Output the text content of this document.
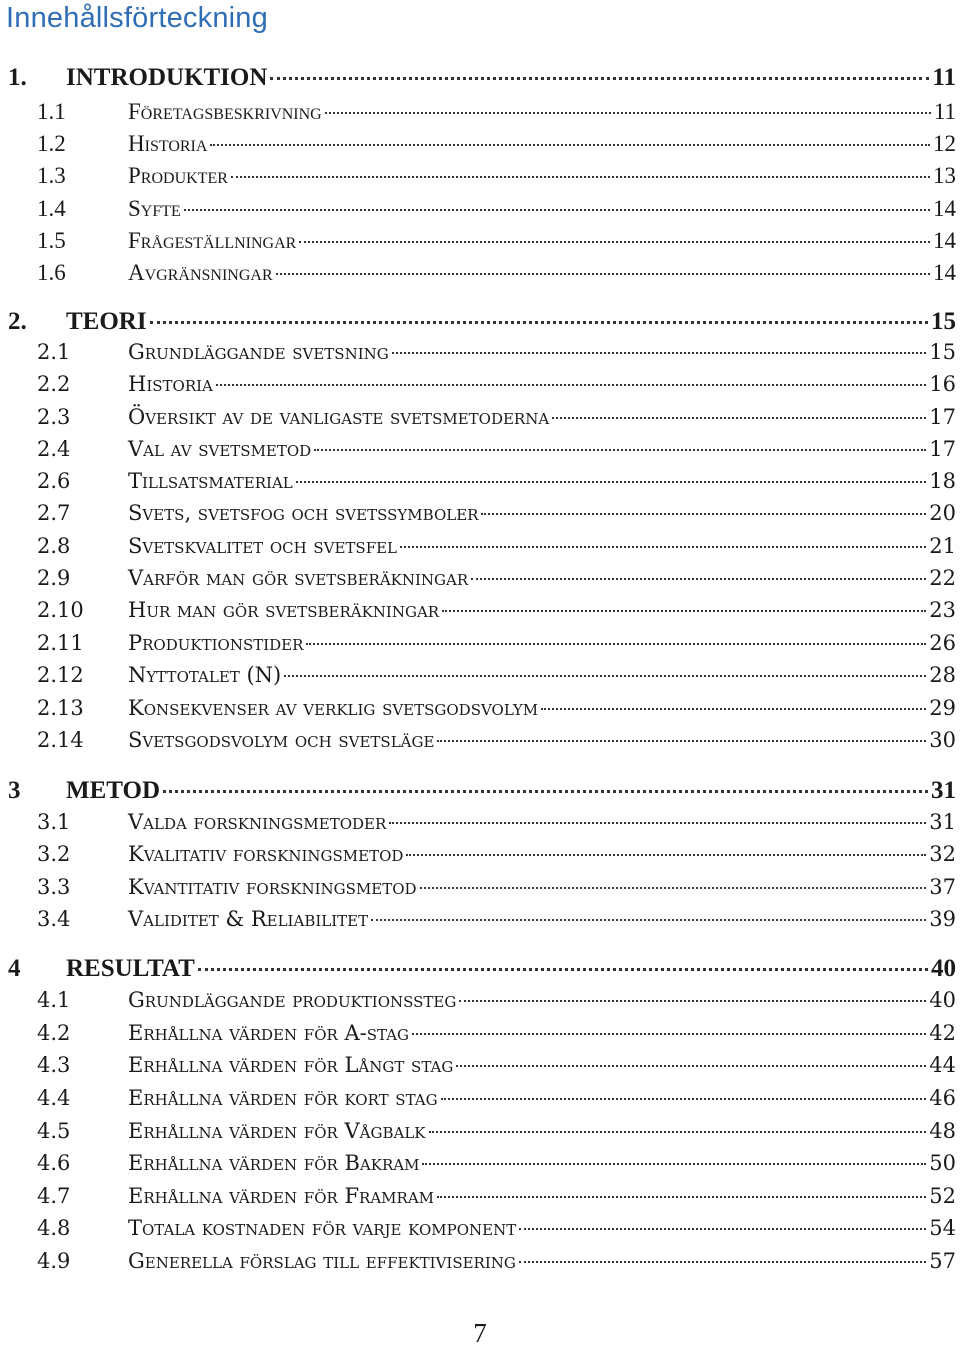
Innehållsförteckning
1.	INTRODUKTION	11
1.1	Företagsbeskrivning	11
1.2	Historia	12
1.3	Produkter	13
1.4	Syfte	14
1.5	Frågeställningar	14
1.6	Avgränsningar	14
2.	TEORI	15
2.1	Grundläggande svetsning	15
2.2	Historia	16
2.3	Översikt av de vanligaste svetsmetoderna	17
2.4	Val av svetsmetod	17
2.6	Tillsatsmaterial	18
2.7	Svets, svetsfog och svetssymboler	20
2.8	Svetskvalitet och svetsfel	21
2.9	Varför man gör svetsberäkningar	22
2.10	Hur man gör svetsberäkningar	23
2.11	Produktionstider	26
2.12	Nyttotalet (N)	28
2.13	Konsekvenser av verklig svetsgodsvolym	29
2.14	Svetsgodsvolym och svetsläge	30
3	METOD	31
3.1	Valda forskningsmetoder	31
3.2	Kvalitativ forskningsmetod	32
3.3	Kvantitativ forskningsmetod	37
3.4	Validitet & Reliabilitet	39
4	RESULTAT	40
4.1	Grundläggande produktionssteg	40
4.2	Erhållna värden för A-stag	42
4.3	Erhållna värden för Långt stag	44
4.4	Erhållna värden för kort stag	46
4.5	Erhållna värden för Vågbalk	48
4.6	Erhållna värden för Bakram	50
4.7	Erhållna värden för Framram	52
4.8	Totala kostnaden för varje komponent	54
4.9	Generella förslag till effektivisering	57
7
